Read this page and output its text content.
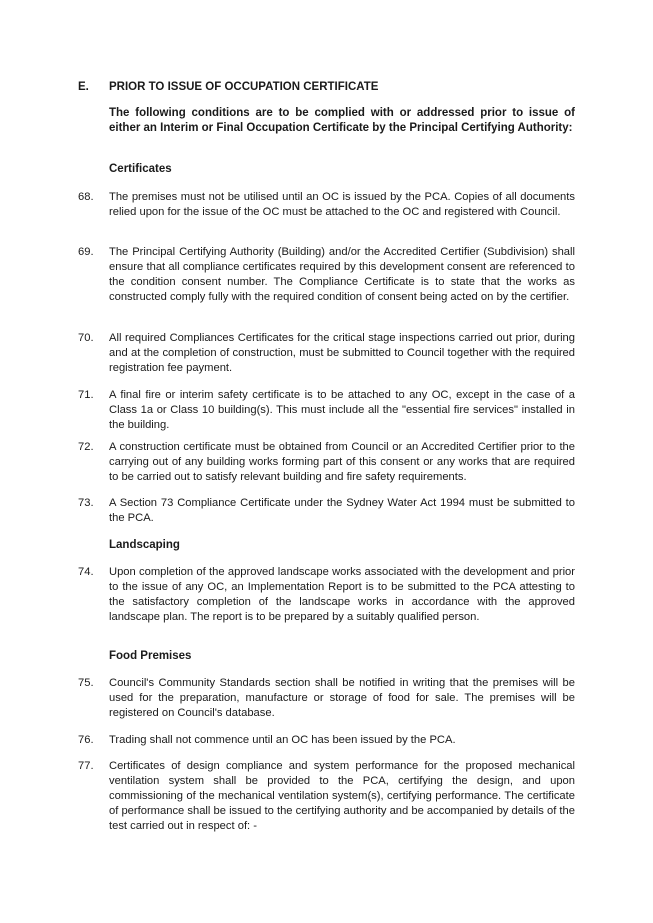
E. PRIOR TO ISSUE OF OCCUPATION CERTIFICATE
The following conditions are to be complied with or addressed prior to issue of either an Interim or Final Occupation Certificate by the Principal Certifying Authority:
Certificates
68. The premises must not be utilised until an OC is issued by the PCA. Copies of all documents relied upon for the issue of the OC must be attached to the OC and registered with Council.
69. The Principal Certifying Authority (Building) and/or the Accredited Certifier (Subdivision) shall ensure that all compliance certificates required by this development consent are referenced to the condition consent number. The Compliance Certificate is to state that the works as constructed comply fully with the required condition of consent being acted on by the certifier.
70. All required Compliances Certificates for the critical stage inspections carried out prior, during and at the completion of construction, must be submitted to Council together with the required registration fee payment.
71. A final fire or interim safety certificate is to be attached to any OC, except in the case of a Class 1a or Class 10 building(s). This must include all the "essential fire services" installed in the building.
72. A construction certificate must be obtained from Council or an Accredited Certifier prior to the carrying out of any building works forming part of this consent or any works that are required to be carried out to satisfy relevant building and fire safety requirements.
73. A Section 73 Compliance Certificate under the Sydney Water Act 1994 must be submitted to the PCA.
Landscaping
74. Upon completion of the approved landscape works associated with the development and prior to the issue of any OC, an Implementation Report is to be submitted to the PCA attesting to the satisfactory completion of the landscape works in accordance with the approved landscape plan. The report is to be prepared by a suitably qualified person.
Food Premises
75. Council's Community Standards section shall be notified in writing that the premises will be used for the preparation, manufacture or storage of food for sale. The premises will be registered on Council's database.
76. Trading shall not commence until an OC has been issued by the PCA.
77. Certificates of design compliance and system performance for the proposed mechanical ventilation system shall be provided to the PCA, certifying the design, and upon commissioning of the mechanical ventilation system(s), certifying performance. The certificate of performance shall be issued to the certifying authority and be accompanied by details of the test carried out in respect of: -
